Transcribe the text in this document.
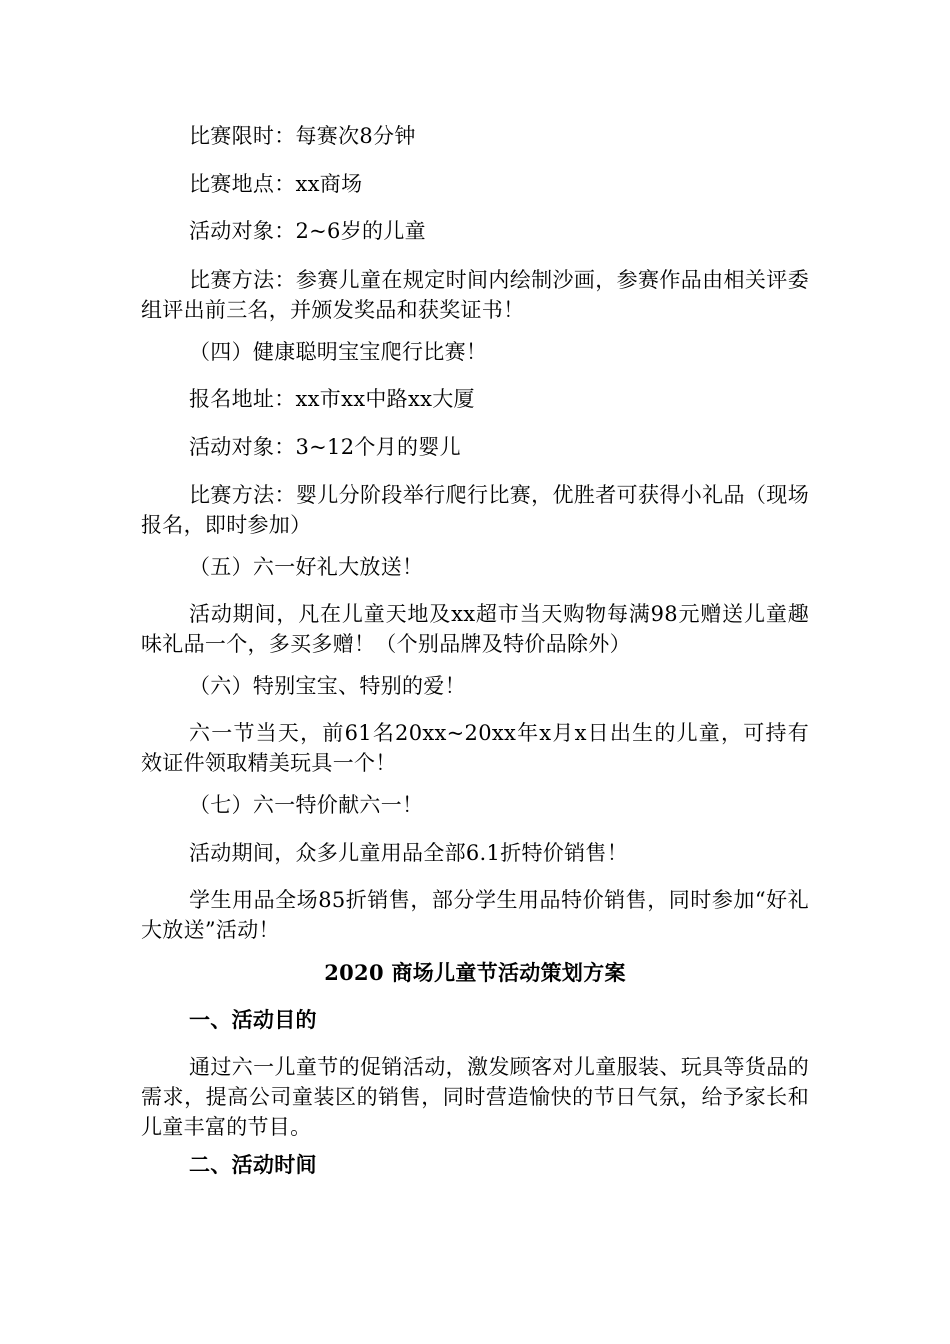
比赛限时：每赛次8分钟

比赛地点：xx商场

活动对象：2~6岁的儿童

比赛方法：参赛儿童在规定时间内绘制沙画，参赛作品由相关评委组评出前三名，并颁发奖品和获奖证书！

（四）健康聪明宝宝爬行比赛！

报名地址：xx市xx中路xx大厦

活动对象：3~12个月的婴儿

比赛方法：婴儿分阶段举行爬行比赛，优胜者可获得小礼品（现场报名，即时参加）

（五）六一好礼大放送！

活动期间，凡在儿童天地及xx超市当天购物每满98元赠送儿童趣味礼品一个，多买多赠！（个别品牌及特价品除外）

（六）特别宝宝、特别的爱！

六一节当天，前61名20xx~20xx年x月x日出生的儿童，可持有效证件领取精美玩具一个！

（七）六一特价献六一！

活动期间，众多儿童用品全部6.1折特价销售！

学生用品全场85折销售，部分学生用品特价销售，同时参加“好礼大放送”活动！

2020 商场儿童节活动策划方案

一、活动目的

通过六一儿童节的促销活动，激发顾客对儿童服装、玩具等货品的需求，提高公司童装区的销售，同时营造愉快的节日气氛，给予家长和儿童丰富的节目。

二、活动时间
